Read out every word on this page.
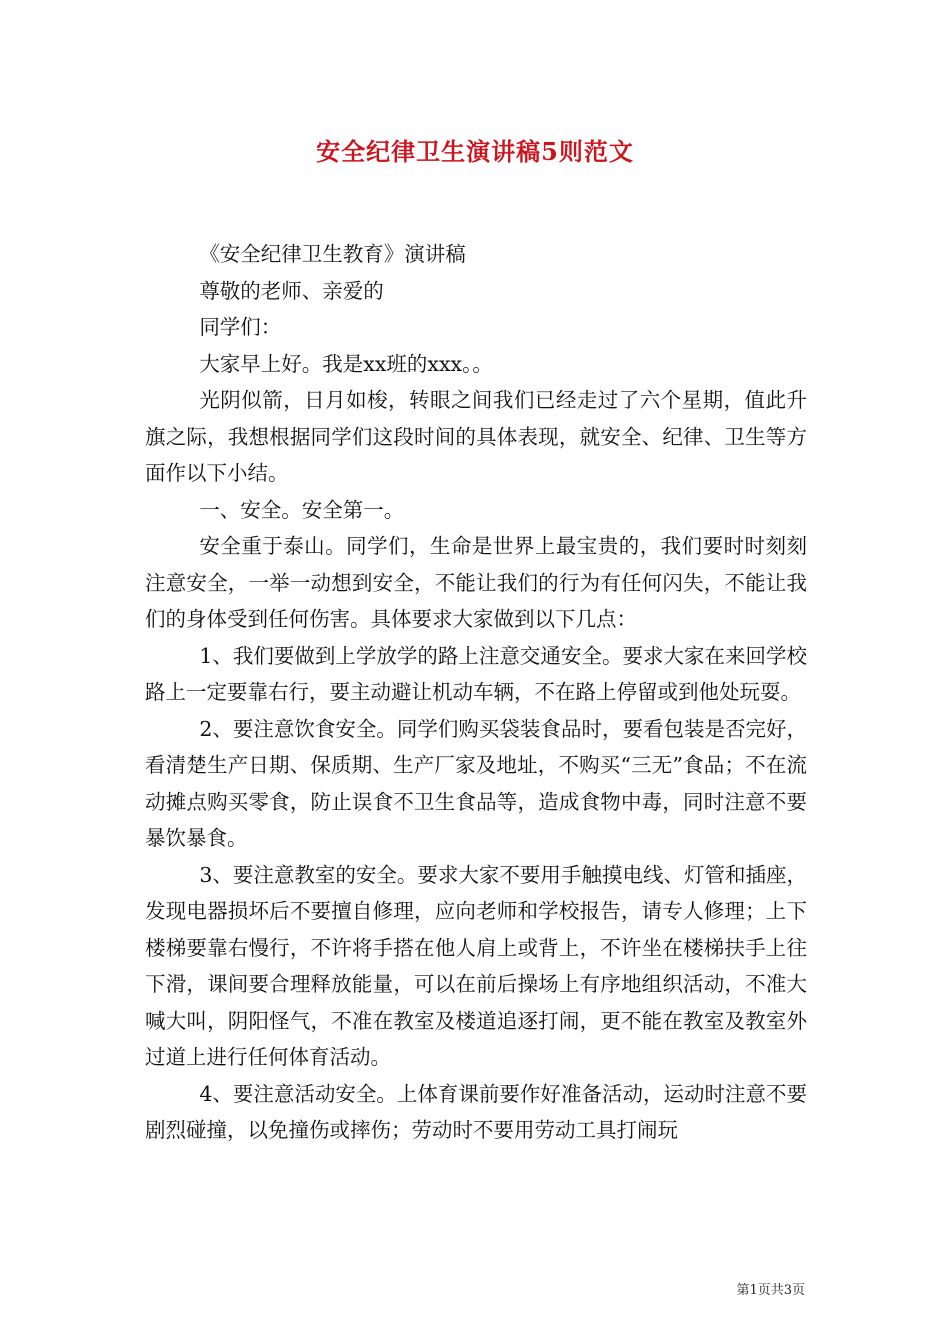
安全纪律卫生演讲稿5则范文

《安全纪律卫生教育》演讲稿

尊敬的老师、亲爱的

同学们：

大家早上好。我是xx班的xxx。。

光阴似箭，日月如梭，转眼之间我们已经走过了六个星期，值此升旗之际，我想根据同学们这段时间的具体表现，就安全、纪律、卫生等方面作以下小结。

一、安全。安全第一。

安全重于泰山。同学们，生命是世界上最宝贵的，我们要时时刻刻注意安全，一举一动想到安全，不能让我们的行为有任何闪失，不能让我们的身体受到任何伤害。具体要求大家做到以下几点：

1、我们要做到上学放学的路上注意交通安全。要求大家在来回学校路上一定要靠右行，要主动避让机动车辆，不在路上停留或到他处玩耍。

2、要注意饮食安全。同学们购买袋装食品时，要看包装是否完好，看清楚生产日期、保质期、生产厂家及地址，不购买“三无”食品；不在流动摊点购买零食，防止误食不卫生食品等，造成食物中毒，同时注意不要暴饮暴食。

3、要注意教室的安全。要求大家不要用手触摸电线、灯管和插座，发现电器损坏后不要擅自修理，应向老师和学校报告，请专人修理；上下楼梯要靠右慢行，不许将手搭在他人肩上或背上，不许坐在楼梯扶手上往下滑，课间要合理释放能量，可以在前后操场上有序地组织活动，不准大喊大叫，阴阳怪气，不准在教室及楼道追逐打闹，更不能在教室及教室外过道上进行任何体育活动。

4、要注意活动安全。上体育课前要作好准备活动，运动时注意不要剧烈碰撞，以免撞伤或摔伤；劳动时不要用劳动工具打闹玩

第1页共3页
